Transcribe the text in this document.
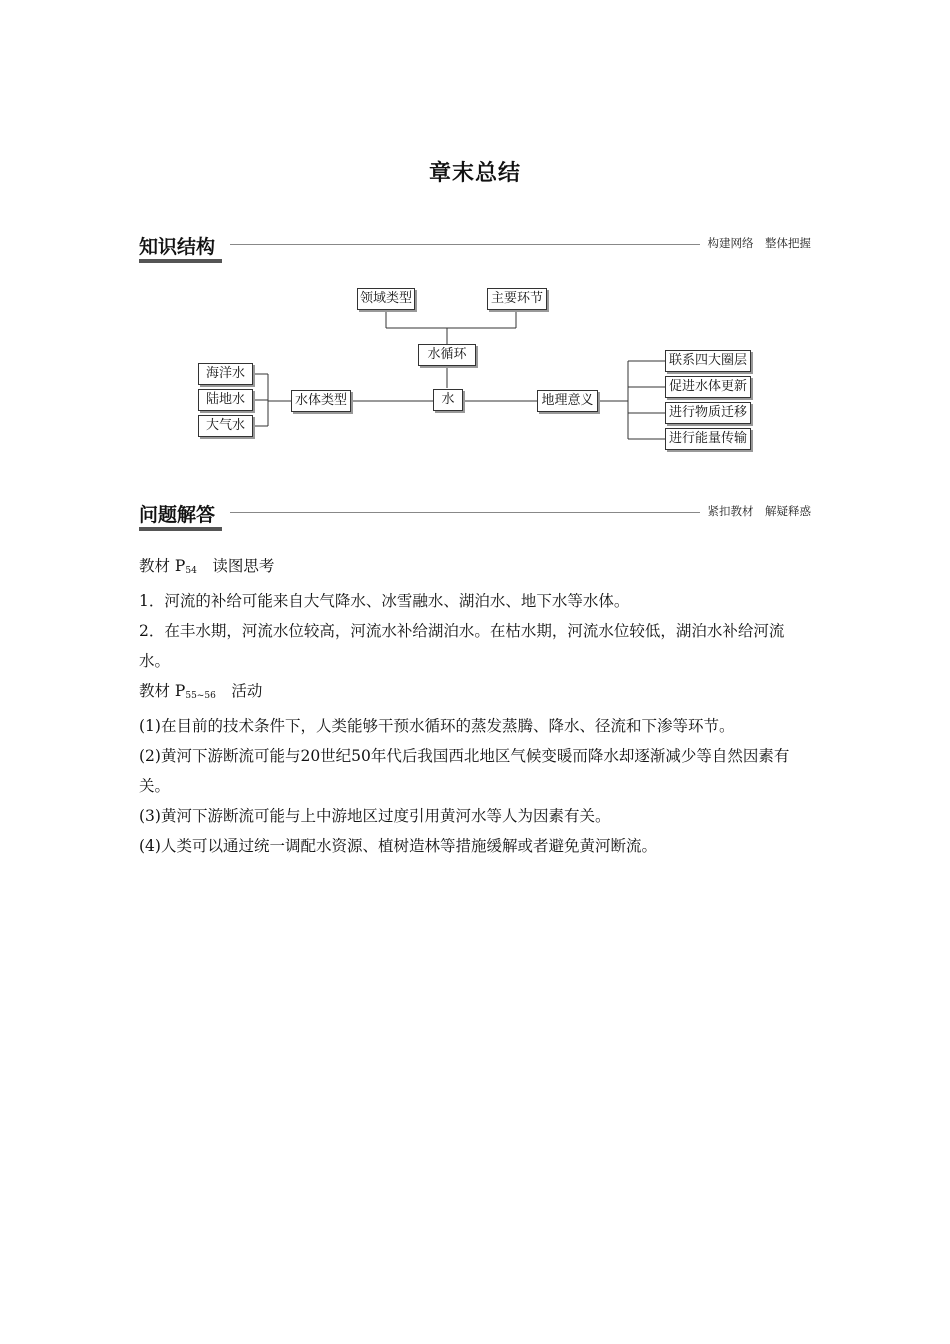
章末总结
知识结构	构建网络　整体把握
领域类型	主要环节
水循环
水
水体类型	地理意义
海洋水
陆地水
大气水
联系四大圈层
促进水体更新
进行物质迁移
进行能量传输
问题解答	紧扣教材　解疑释惑

教材 $P_{54}$　读图思考

1．河流的补给可能来自大气降水、冰雪融水、湖泊水、地下水等水体。

2．在丰水期，河流水位较高，河流水补给湖泊水。在枯水期，河流水位较低，湖泊水补给河流水。

教材 $P_{55\sim 56}$　活动

(1)在目前的技术条件下，人类能够干预水循环的蒸发蒸腾、降水、径流和下渗等环节。

(2)黄河下游断流可能与20世纪50年代后我国西北地区气候变暖而降水却逐渐减少等自然因素有关。

(3)黄河下游断流可能与上中游地区过度引用黄河水等人为因素有关。

(4)人类可以通过统一调配水资源、植树造林等措施缓解或者避免黄河断流。
